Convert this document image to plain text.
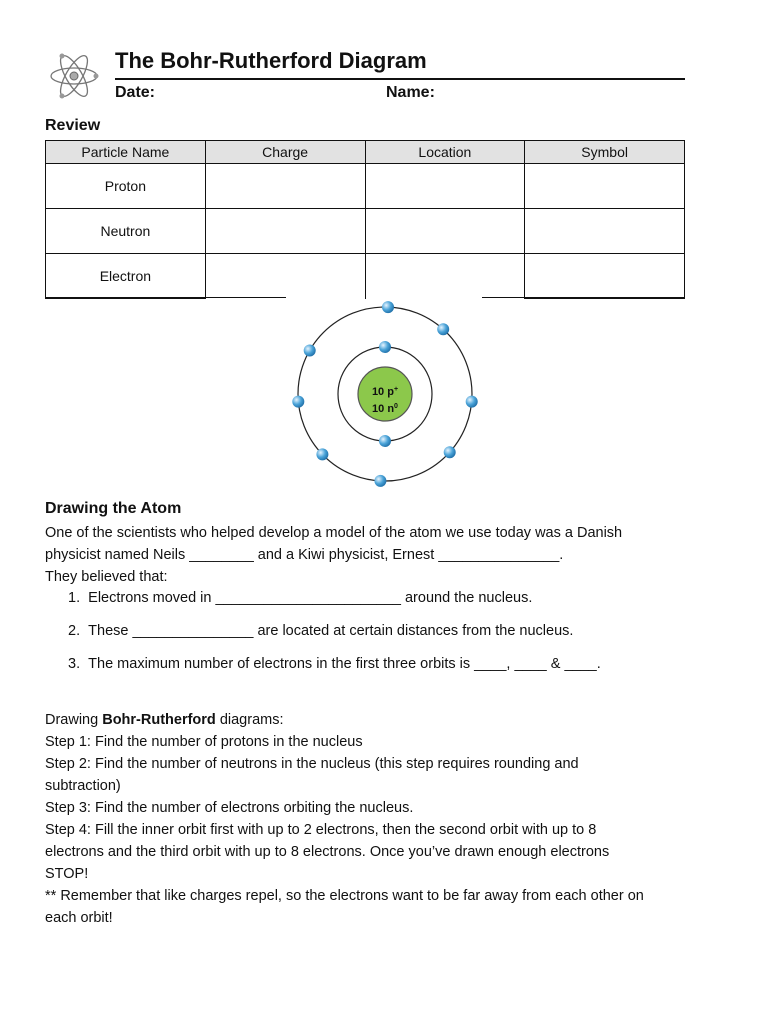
The Bohr-Rutherford Diagram
Date:	Name:
Review
Particle Name	Charge	Location	Symbol
Proton			
Neutron			
Electron			
10 p+
10 $n^0$
Drawing the Atom
One of the scientists who helped develop a model of the atom we use today was a Danish
physicist named Neils ________ and a Kiwi physicist, Ernest _______________.
They believed that:
1.  Electrons moved in _______________________ around the nucleus.
2.  These _______________ are located at certain distances from the nucleus.
3.  The maximum number of electrons in the first three orbits is ____, ____ & ____.
Drawing Bohr-Rutherford diagrams:
Step 1: Find the number of protons in the nucleus
Step 2: Find the number of neutrons in the nucleus (this step requires rounding and
subtraction)
Step 3: Find the number of electrons orbiting the nucleus.
Step 4: Fill the inner orbit first with up to 2 electrons, then the second orbit with up to 8
electrons and the third orbit with up to 8 electrons. Once you’ve drawn enough electrons
STOP!
** Remember that like charges repel, so the electrons want to be far away from each other on
each orbit!
